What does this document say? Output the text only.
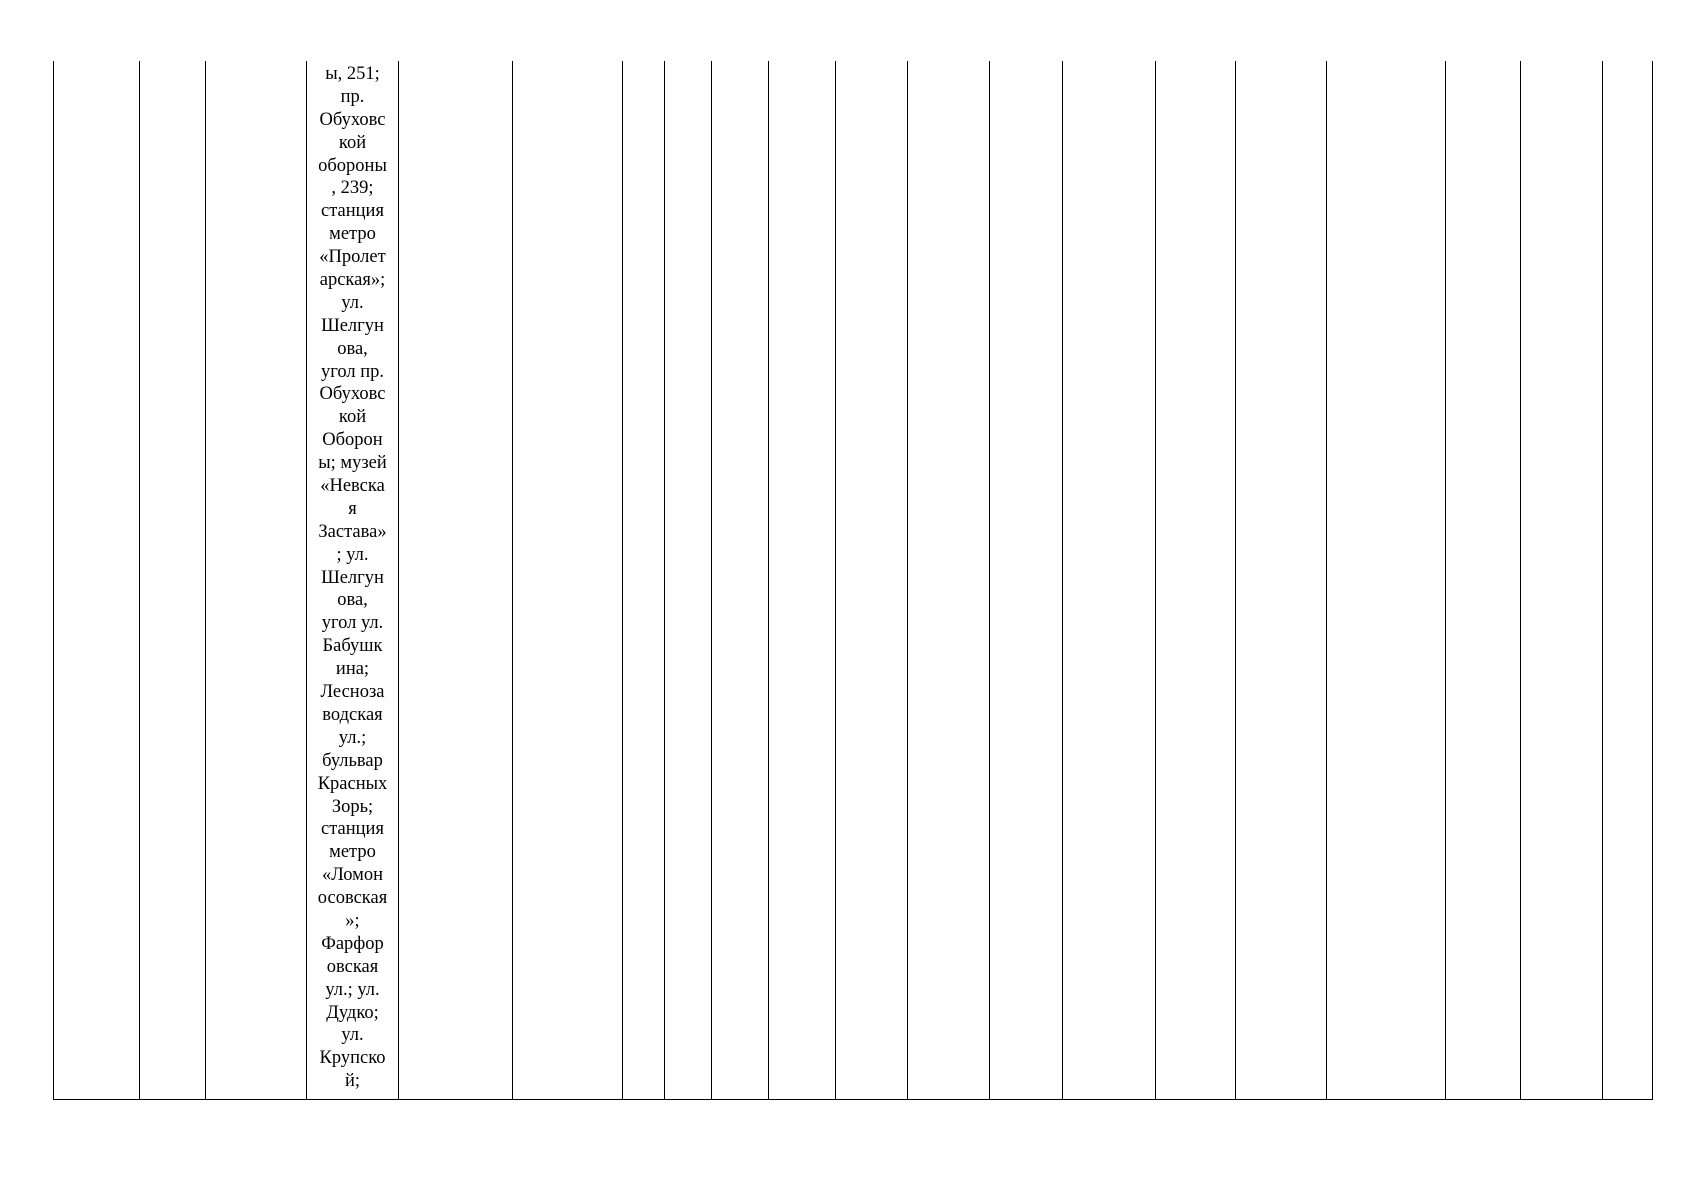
ы, 251;
пр.
Обуховс
кой
обороны
, 239;
станция
метро
«Пролет
арская»;
ул.
Шелгун
ова,
угол пр.
Обуховс
кой
Оборон
ы; музей
«Невска
я
Застава»
; ул.
Шелгун
ова,
угол ул.
Бабушк
ина;
Лесноза
водская
ул.;
бульвар
Красных
Зорь;
станция
метро
«Ломон
осовская
»;
Фарфор
овская
ул.; ул.
Дудко;
ул.
Крупско
й;
